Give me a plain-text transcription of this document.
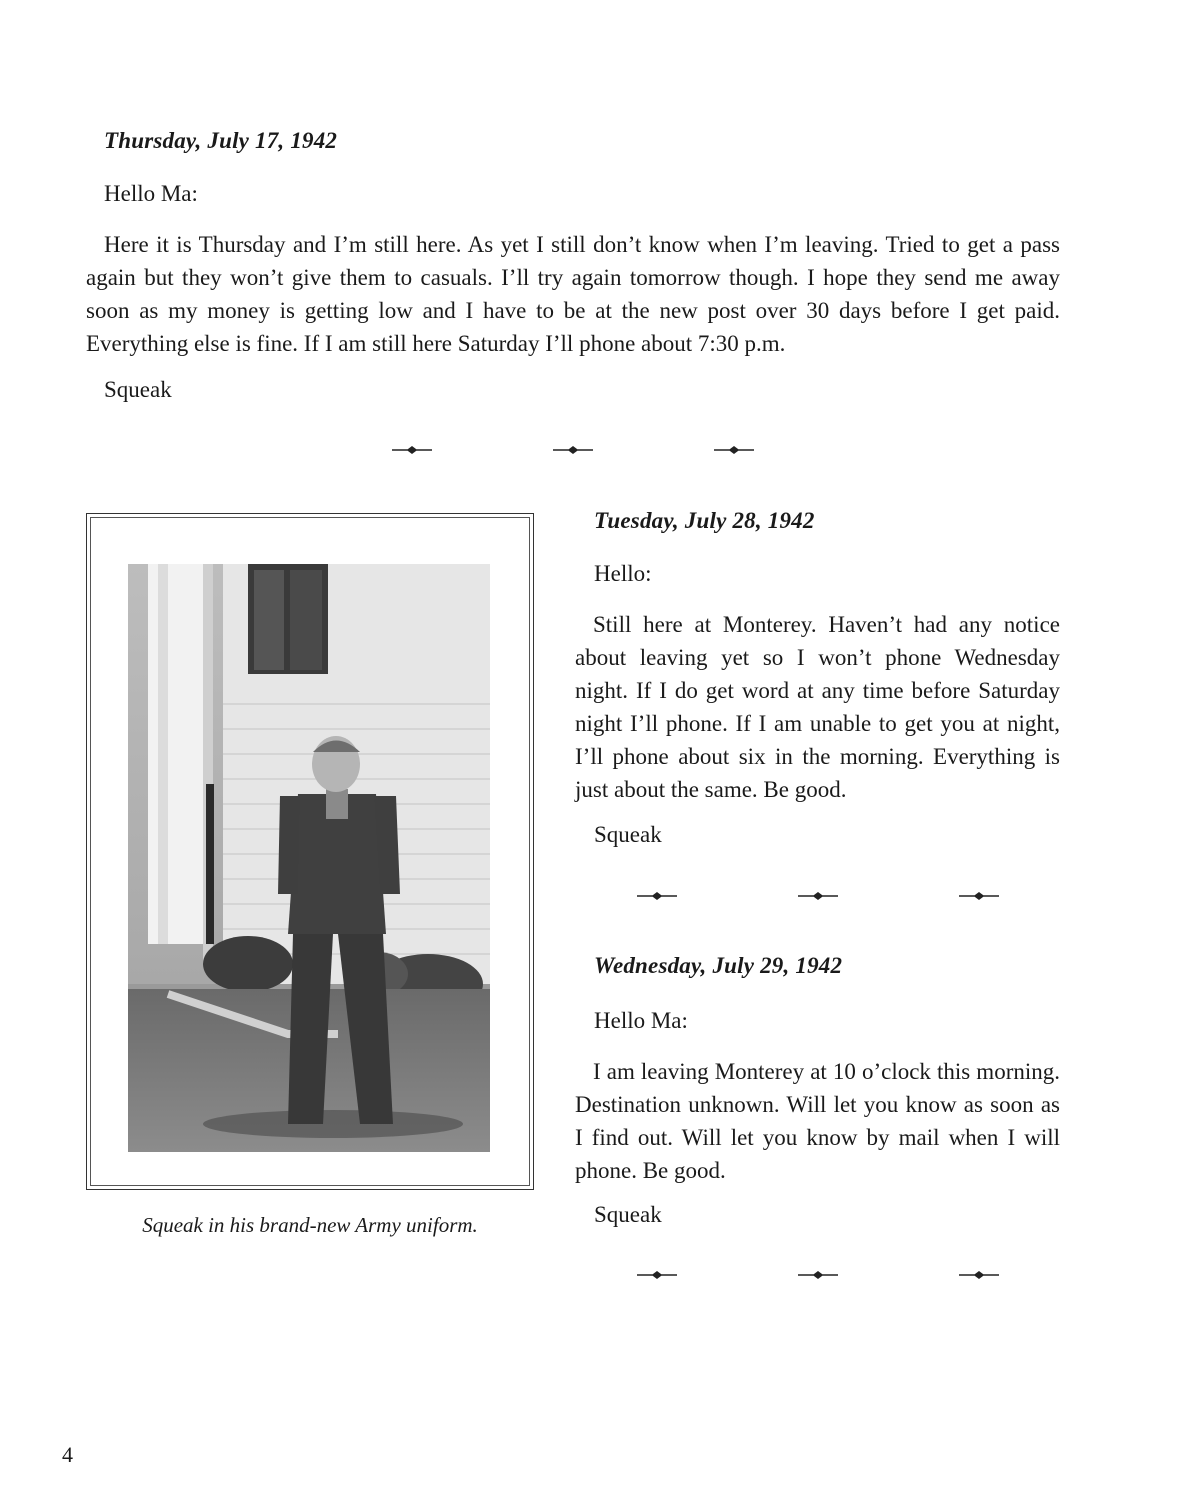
Thursday, July 17, 1942
Hello Ma:
Here it is Thursday and I’m still here. As yet I still don’t know when I’m leaving. Tried to get a pass again but they won’t give them to casuals. I’ll try again tomorrow though. I hope they send me away soon as my money is getting low and I have to be at the new post over 30 days before I get paid. Everything else is fine. If I am still here Saturday I’ll phone about 7:30 p.m.
Squeak
Squeak in his brand-new Army uniform.
Tuesday, July 28, 1942
Hello:
Still here at Monterey. Haven’t had any notice about leaving yet so I won’t phone Wednesday night. If I do get word at any time before Saturday night I’ll phone. If I am unable to get you at night, I’ll phone about six in the morning. Everything is just about the same. Be good.
Squeak
Wednesday, July 29, 1942
Hello Ma:
I am leaving Monterey at 10 o’clock this morning. Destination unknown. Will let you know as soon as I find out. Will let you know by mail when I will phone. Be good.
Squeak
4
